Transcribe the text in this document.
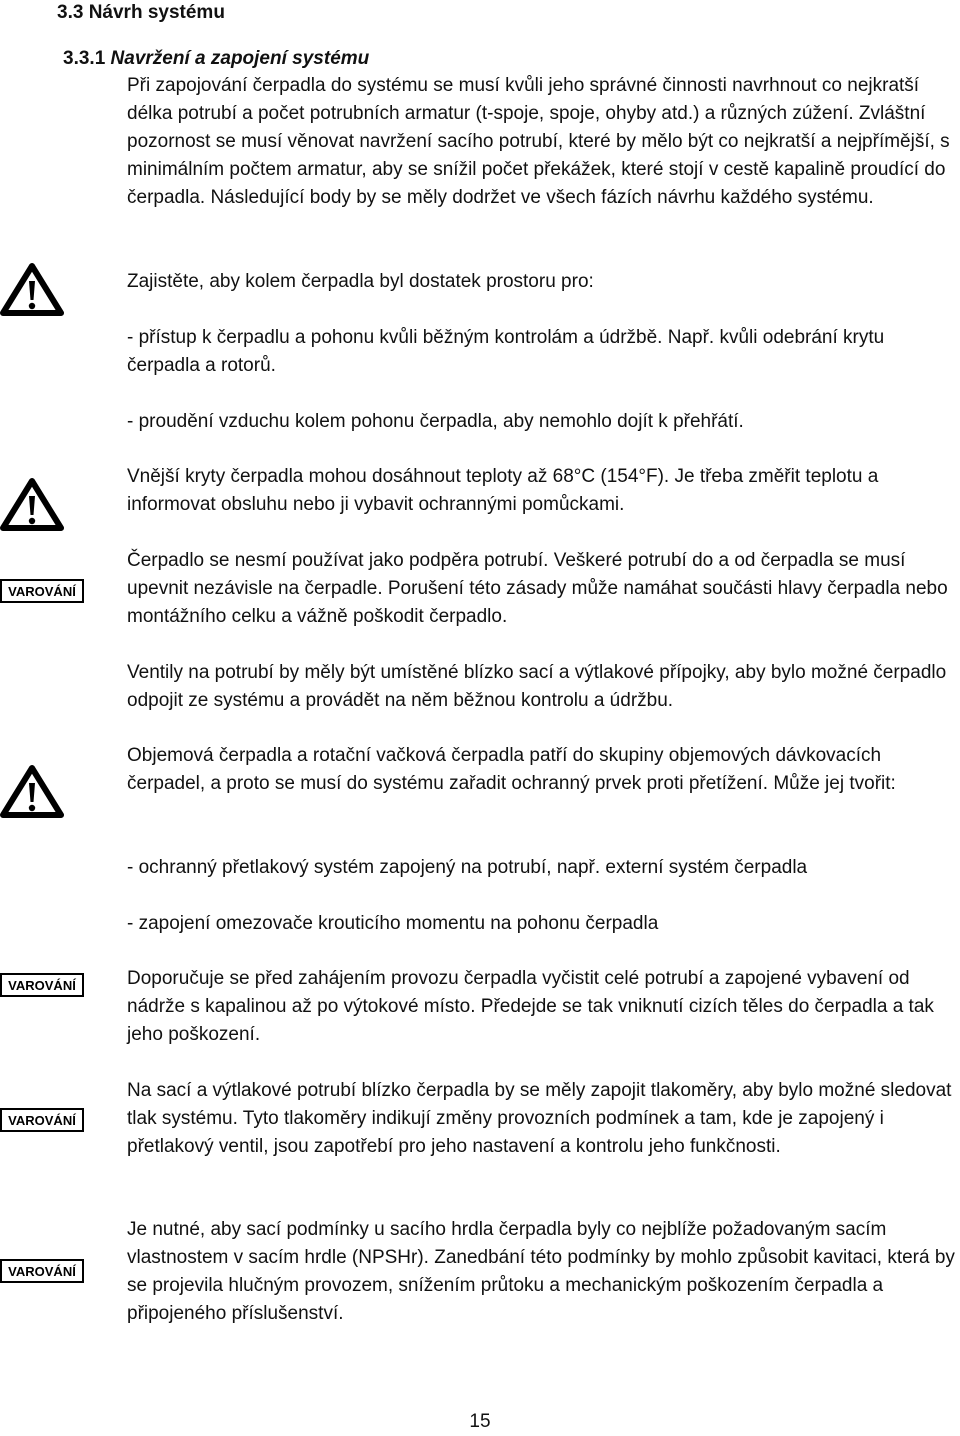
3.3 Návrh systému
3.3.1 Navržení a zapojení systému
Při zapojování čerpadla do systému se musí kvůli jeho správné činnosti navrhnout co nejkratší délka potrubí a počet potrubních armatur (t-spoje, spoje, ohyby atd.) a různých zúžení. Zvláštní pozornost se musí věnovat navržení sacího potrubí, které by mělo být co nejkratší a nejpřímější, s minimálním počtem armatur, aby se snížil počet překážek, které stojí v cestě kapalině proudící do čerpadla. Následující body by se měly dodržet ve všech fázích návrhu každého systému.
Zajistěte, aby kolem čerpadla byl dostatek prostoru pro:
- přístup k čerpadlu a pohonu kvůli běžným kontrolám a údržbě. Např. kvůli odebrání krytu čerpadla a rotorů.
- proudění vzduchu kolem pohonu čerpadla, aby nemohlo dojít k přehřátí.
Vnější kryty čerpadla mohou dosáhnout teploty až 68°C (154°F). Je třeba změřit teplotu a informovat obsluhu nebo ji vybavit ochrannými pomůckami.
Čerpadlo se nesmí používat jako podpěra potrubí. Veškeré potrubí do a od čerpadla se musí upevnit nezávisle na čerpadle. Porušení této zásady může namáhat součásti hlavy čerpadla nebo montážního celku a vážně poškodit čerpadlo.
Ventily na potrubí by měly být umístěné blízko sací a výtlakové přípojky, aby bylo možné čerpadlo odpojit ze systému a provádět na něm běžnou kontrolu a údržbu.
Objemová čerpadla a rotační vačková čerpadla patří do skupiny objemových dávkovacích čerpadel, a proto se musí do systému zařadit ochranný prvek proti přetížení. Může jej tvořit:
- ochranný přetlakový systém zapojený na potrubí, např. externí systém čerpadla
- zapojení omezovače krouticího momentu na pohonu čerpadla
Doporučuje se před zahájením provozu čerpadla vyčistit celé potrubí a zapojené vybavení od nádrže s kapalinou až po výtokové místo. Předejde se tak vniknutí cizích těles do čerpadla a tak jeho poškození.
Na sací a výtlakové potrubí blízko čerpadla by se měly zapojit tlakoměry, aby bylo možné sledovat tlak systému. Tyto tlakoměry indikují změny provozních podmínek a tam, kde je zapojený i přetlakový ventil, jsou zapotřebí pro jeho nastavení a kontrolu jeho funkčnosti.
Je nutné, aby sací podmínky u sacího hrdla čerpadla byly co nejblíže požadovaným sacím vlastnostem v sacím hrdle (NPSHr). Zanedbání této podmínky by mohlo způsobit kavitaci, která by se projevila hlučným provozem, snížením průtoku a mechanickým poškozením čerpadla a připojeného příslušenství.
VAROVÁNÍ
VAROVÁNÍ
VAROVÁNÍ
VAROVÁNÍ
15
